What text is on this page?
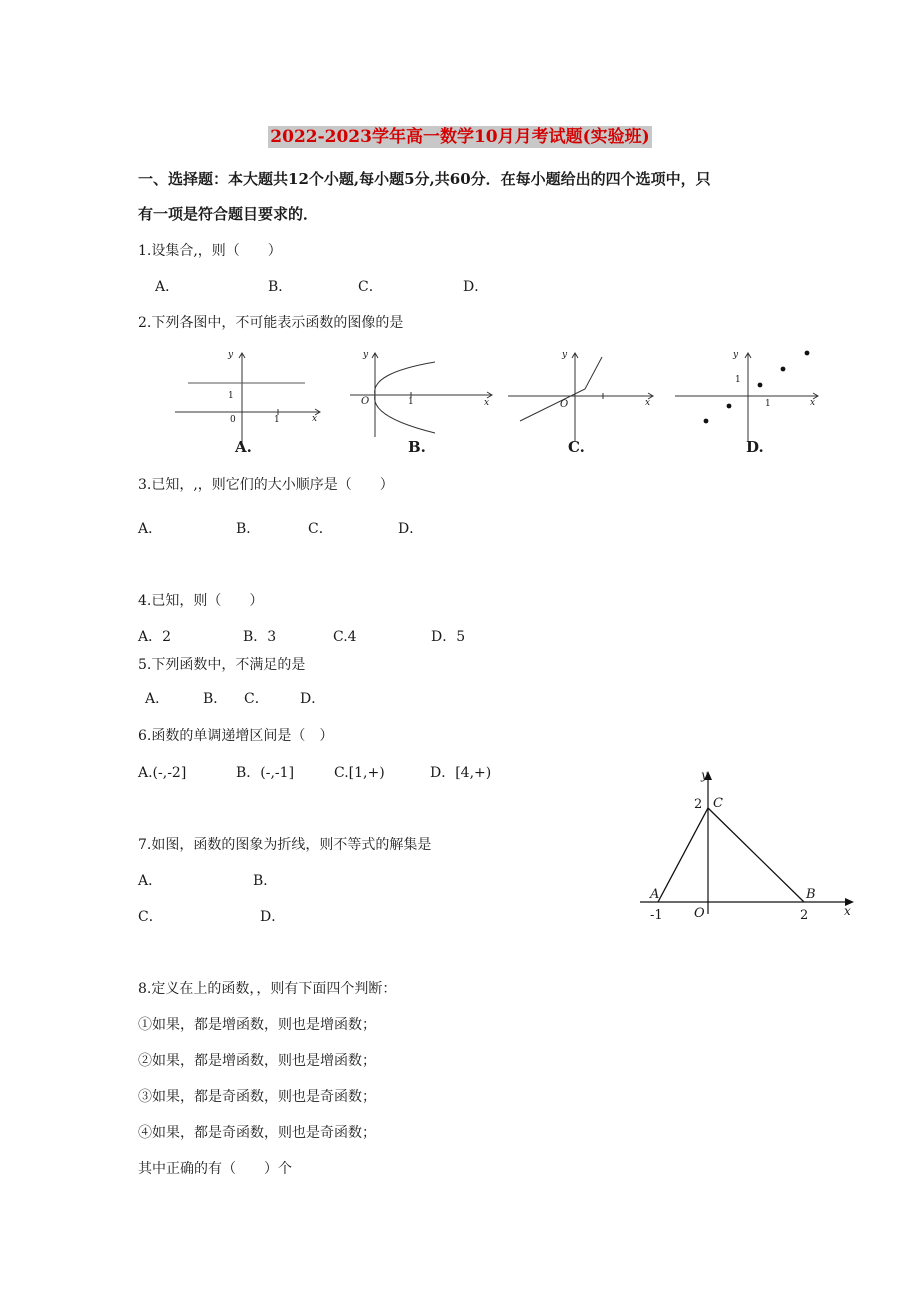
2022-2023学年高一数学10月月考试题(实验班)
一、选择题：本大题共12个小题,每小题5分,共60分．在每小题给出的四个选项中，只
有一项是符合题目要求的．
1.设集合,，则（　　）
A．	B．	C．	D．
2.下列各图中，不可能表示函数的图像的是
y
x
1
0	1
A.
y
x
O	1
B.
y
x
O
C.
y
x
1
1
D.
3.已知，,，则它们的大小顺序是（　　）
A．	B．	C．	D．
4.已知，则（　　）
A．2	B．3	C.4	D．5
5.下列函数中，不满足的是
A． B． C． D．
6.函数的单调递增区间是（　）
A.(-,-2]	B．(-,-1]	C.[1,+)	D．[4,+)
7.如图，函数的图象为折线，则不等式的解集是
A．	B．
C．	D．
y
x
2 C
A	B
-1 O	2
8.定义在上的函数，，则有下面四个判断：
①如果，都是增函数，则也是增函数；
②如果，都是增函数，则也是增函数；
③如果，都是奇函数，则也是奇函数；
④如果，都是奇函数，则也是奇函数；
其中正确的有（　　）个
